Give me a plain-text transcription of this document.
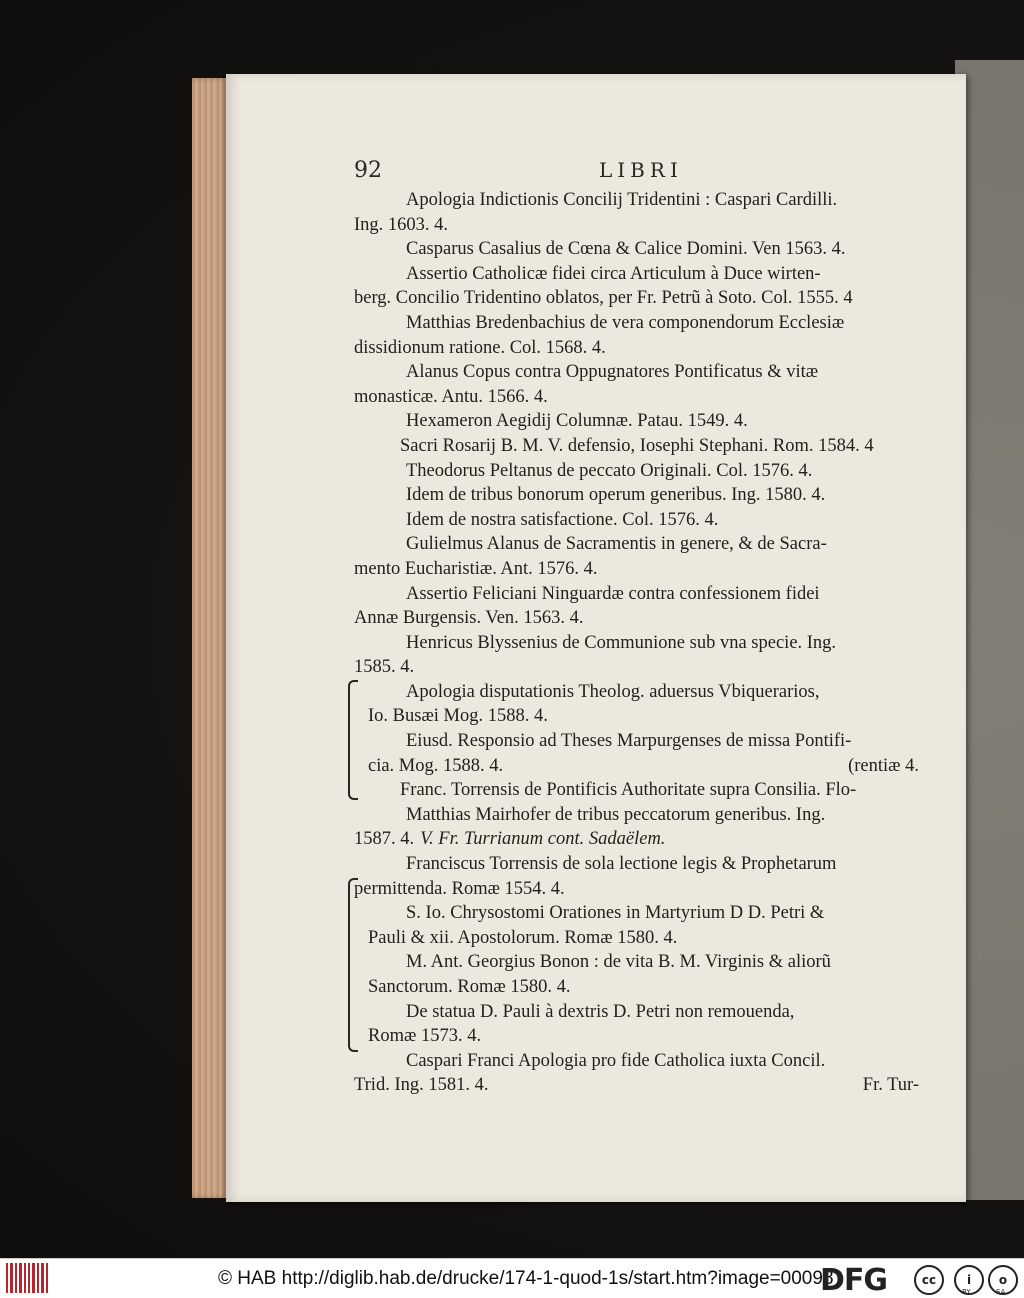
92	LIBRI
Apologia Indictionis Concilij Tridentini : Caspari Cardilli.
Ing. 1603. 4.
Casparus Casalius de Cœna & Calice Domini. Ven 1563. 4.
Assertio Catholicæ fidei circa Articulum à Duce wirten-
berg. Concilio Tridentino oblatos, per Fr. Petrũ à Soto. Col. 1555. 4
Matthias Bredenbachius de vera componendorum Ecclesiæ
dissidionum ratione. Col. 1568. 4.
Alanus Copus contra Oppugnatores Pontificatus & vitæ
monasticæ. Antu. 1566. 4.
Hexameron Aegidij Columnæ. Patau. 1549. 4.
Sacri Rosarij B. M. V. defensio, Iosephi Stephani. Rom. 1584. 4
Theodorus Peltanus de peccato Originali. Col. 1576. 4.
Idem de tribus bonorum operum generibus. Ing. 1580. 4.
Idem de nostra satisfactione. Col. 1576. 4.
Gulielmus Alanus de Sacramentis in genere, & de Sacra-
mento Eucharistiæ. Ant. 1576. 4.
Assertio Feliciani Ninguardæ contra confessionem fidei
Annæ Burgensis. Ven. 1563. 4.
Henricus Blyssenius de Communione sub vna specie. Ing.
1585. 4.
Apologia disputationis Theolog. aduersus Vbiquerarios,
Io. Busæi Mog. 1588. 4.
Eiusd. Responsio ad Theses Marpurgenses de missa Pontifi-
cia. Mog. 1588. 4.	(rentiæ 4.
Franc. Torrensis de Pontificis Authoritate supra Consilia. Flo-
Matthias Mairhofer de tribus peccatorum generibus. Ing.
1587. 4. V. Fr. Turrianum cont. Sadaëlem.
Franciscus Torrensis de sola lectione legis & Prophetarum
permittenda. Romæ 1554. 4.
S. Io. Chrysostomi Orationes in Martyrium D D. Petri &
Pauli & xii. Apostolorum. Romæ 1580. 4.
M. Ant. Georgius Bonon : de vita B. M. Virginis & aliorũ
Sanctorum. Romæ 1580. 4.
De statua D. Pauli à dextris D. Petri non remouenda,
Romæ 1573. 4.
Caspari Franci Apologia pro fide Catholica iuxta Concil.
Trid. Ing. 1581. 4.	Fr. Tur-
© HAB http://diglib.hab.de/drucke/174-1-quod-1s/start.htm?image=00098
DFG	cc	i	o
BY	SA
